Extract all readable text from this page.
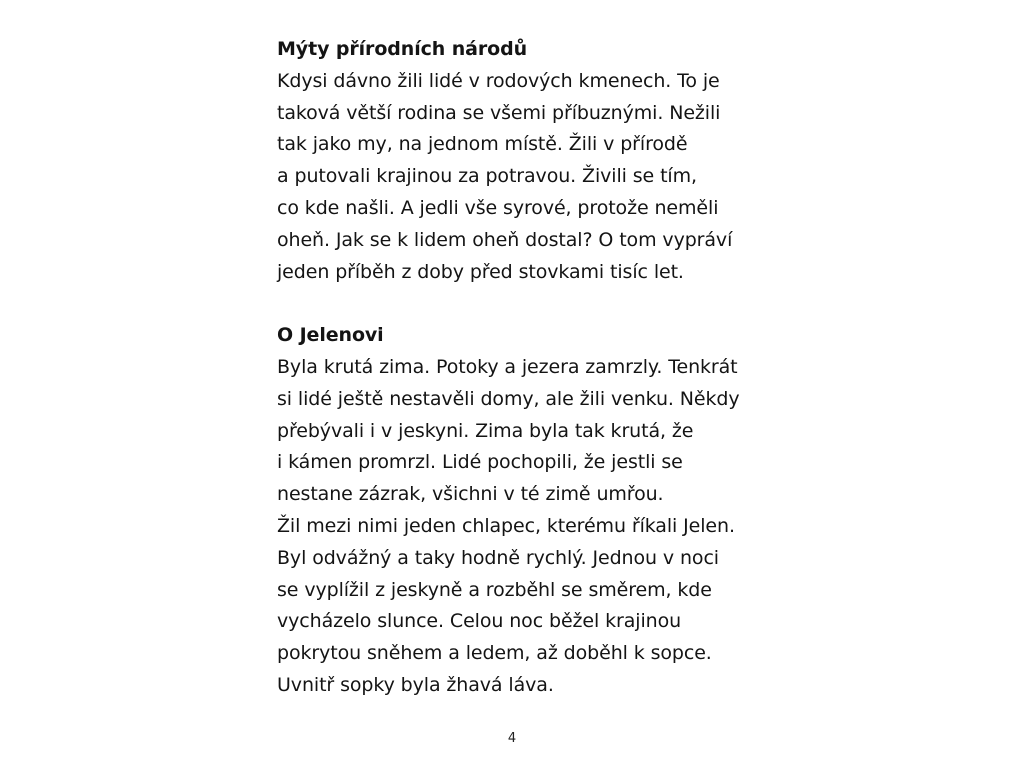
Mýty přírodních národů
Kdysi dávno žili lidé v rodových kmenech. To je
taková větší rodina se všemi příbuznými. Nežili
tak jako my, na jednom místě. Žili v přírodě
a putovali krajinou za potravou. Živili se tím,
co kde našli. A jedli vše syrové, protože neměli
oheň. Jak se k lidem oheň dostal? O tom vypráví
jeden příběh z doby před stovkami tisíc let.
O Jelenovi
Byla krutá zima. Potoky a jezera zamrzly. Tenkrát
si lidé ještě nestavěli domy, ale žili venku. Někdy
přebývali i v jeskyni. Zima byla tak krutá, že
i kámen promrzl. Lidé pochopili, že jestli se
nestane zázrak, všichni v té zimě umřou.
Žil mezi nimi jeden chlapec, kterému říkali Jelen.
Byl odvážný a taky hodně rychlý. Jednou v noci
se vyplížil z jeskyně a rozběhl se směrem, kde
vycházelo slunce. Celou noc běžel krajinou
pokrytou sněhem a ledem, až doběhl k sopce.
Uvnitř sopky byla žhavá láva.
4
